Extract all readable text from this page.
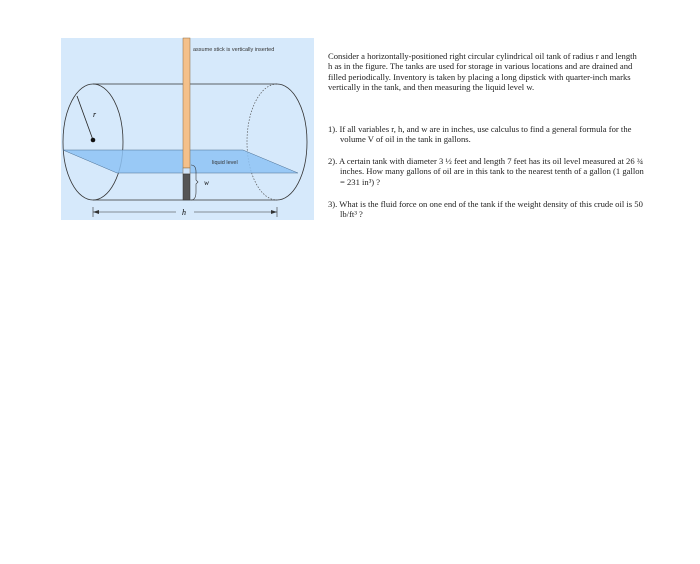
r
assume stick is vertically inserted
liquid level
w
h
Consider a horizontally-positioned right circular cylindrical oil tank of radius r and length h as in the figure. The tanks are used for storage in various locations and are drained and filled periodically. Inventory is taken by placing a long dipstick with quarter-inch marks vertically in the tank, and then measuring the liquid level w.
1). If all variables r, h, and w are in inches, use calculus to find a general formula for the volume V of oil in the tank in gallons.
2). A certain tank with diameter 3 ½ feet and length 7 feet has its oil level measured at 26 ¾ inches. How many gallons of oil are in this tank to the nearest tenth of a gallon (1 gallon = 231 in³) ?
3). What is the fluid force on one end of the tank if the weight density of this crude oil is 50 lb/ft³ ?
